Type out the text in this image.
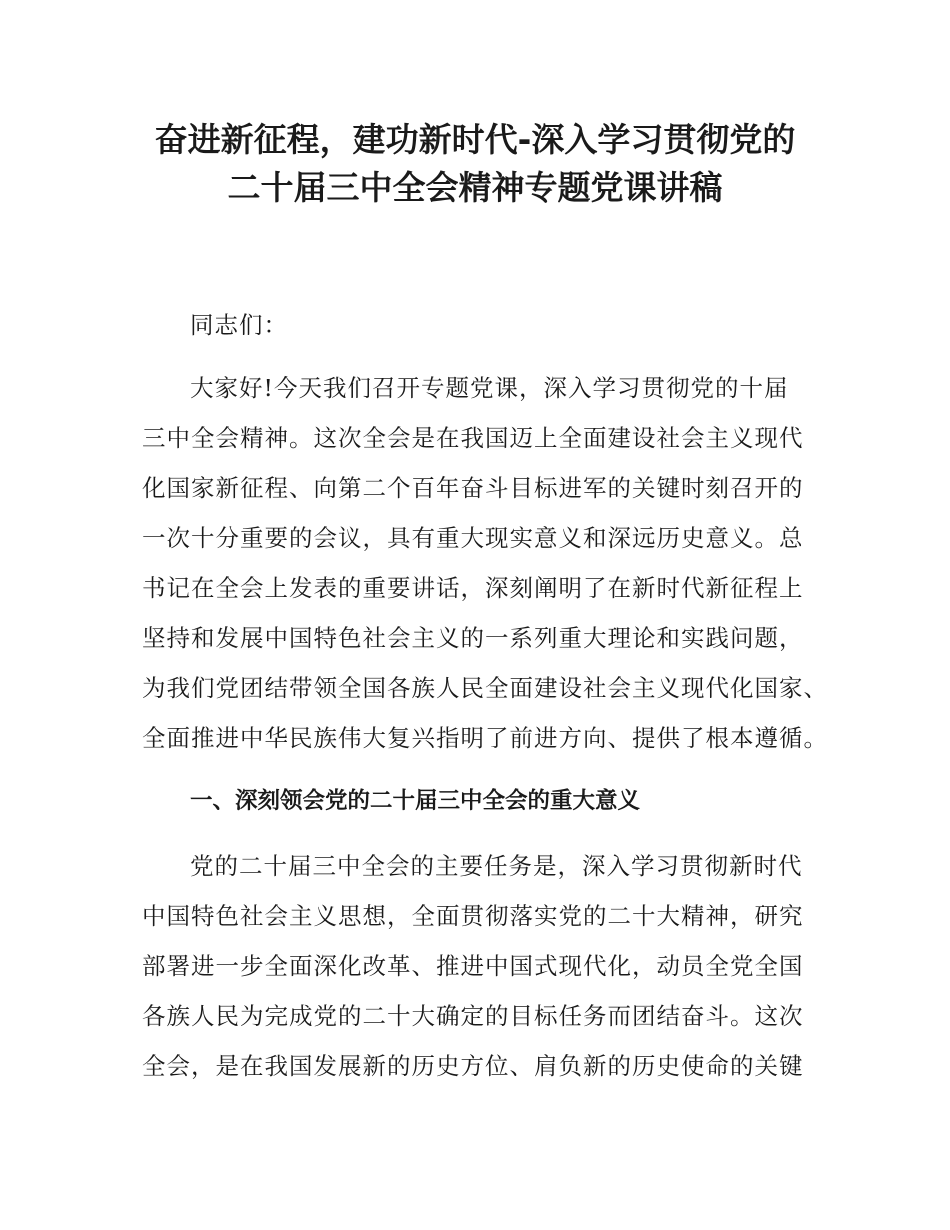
奋进新征程，建功新时代-深入学习贯彻党的
二十届三中全会精神专题党课讲稿
同志们：
大家好!今天我们召开专题党课，深入学习贯彻党的十届
三中全会精神。这次全会是在我国迈上全面建设社会主义现代
化国家新征程、向第二个百年奋斗目标进军的关键时刻召开的
一次十分重要的会议，具有重大现实意义和深远历史意义。总
书记在全会上发表的重要讲话，深刻阐明了在新时代新征程上
坚持和发展中国特色社会主义的一系列重大理论和实践问题，
为我们党团结带领全国各族人民全面建设社会主义现代化国家、
全面推进中华民族伟大复兴指明了前进方向、提供了根本遵循。
一、深刻领会党的二十届三中全会的重大意义
党的二十届三中全会的主要任务是，深入学习贯彻新时代
中国特色社会主义思想，全面贯彻落实党的二十大精神，研究
部署进一步全面深化改革、推进中国式现代化，动员全党全国
各族人民为完成党的二十大确定的目标任务而团结奋斗。这次
全会，是在我国发展新的历史方位、肩负新的历史使命的关键
